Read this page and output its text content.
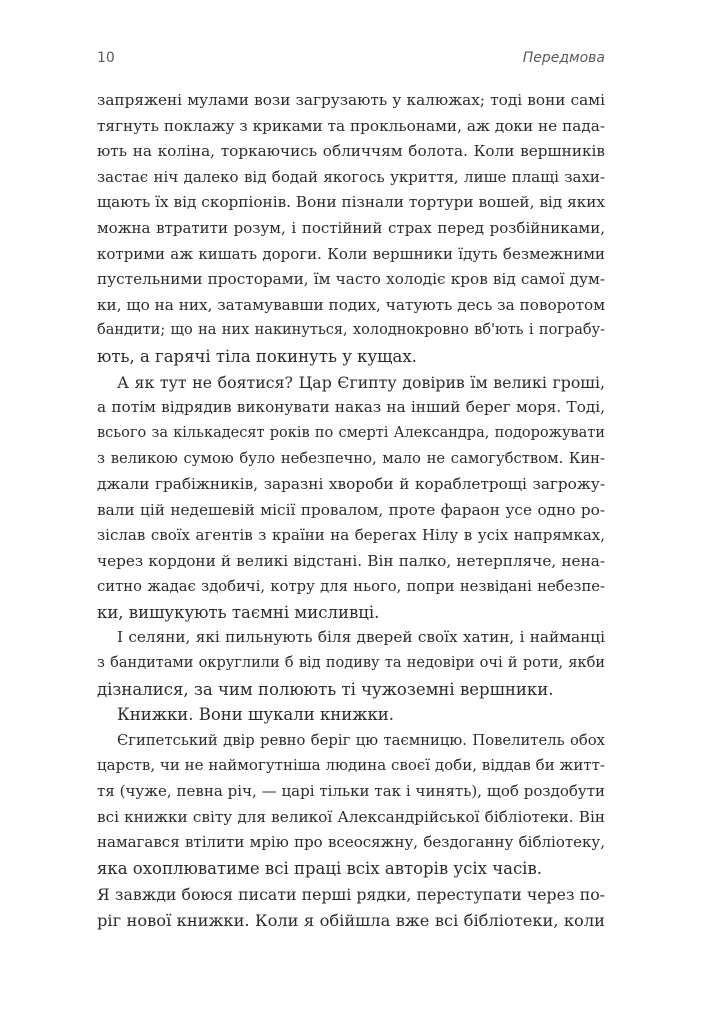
10	Передмова
запряжені мулами вози загрузають у калюжах; тоді вони самі
тягнуть поклажу з криками та прокльонами, аж доки не пада-
ють на коліна, торкаючись обличчям болота. Коли вершників
застає ніч далеко від бодай якогось укриття, лише плащі захи-
щають їх від скорпіонів. Вони пізнали тортури вошей, від яких
можна втратити розум, і постійний страх перед розбійниками,
котрими аж кишать дороги. Коли вершники їдуть безмежними
пустельними просторами, їм часто холодіє кров від самої дум-
ки, що на них, затамувавши подих, чатують десь за поворотом
бандити; що на них накинуться, холоднокровно вб'ють і пограбу-
ють, а гарячі тіла покинуть у кущах.
А як тут не боятися? Цар Єгипту довірив їм великі гроші,
а потім відрядив виконувати наказ на інший берег моря. Тоді,
всього за кількадесят років по смерті Александра, подорожувати
з великою сумою було небезпечно, мало не самогубством. Кин-
джали грабіжників, заразні хвороби й кораблетрощі загрожу-
вали цій недешевій місії провалом, проте фараон усе одно ро-
зіслав своїх агентів з країни на берегах Нілу в усіх напрямках,
через кордони й великі відстані. Він палко, нетерпляче, нена-
ситно жадає здобичі, котру для нього, попри незвідані небезпе-
ки, вишукують таємні мисливці.
І селяни, які пильнують біля дверей своїх хатин, і найманці
з бандитами округлили б від подиву та недовіри очі й роти, якби
дізналися, за чим полюють ті чужоземні вершники.
Книжки. Вони шукали книжки.
Єгипетський двір ревно беріг цю таємницю. Повелитель обох
царств, чи не наймогутніша людина своєї доби, віддав би житт-
тя (чуже, певна річ, — царі тільки так і чинять), щоб роздобути
всі книжки світу для великої Александрійської бібліотеки. Він
намагався втілити мрію про всеосяжну, бездоганну бібліотеку,
яка охоплюватиме всі праці всіх авторів усіх часів.
Я завжди боюся писати перші рядки, переступати через по-
ріг нової книжки. Коли я обійшла вже всі бібліотеки, коли
